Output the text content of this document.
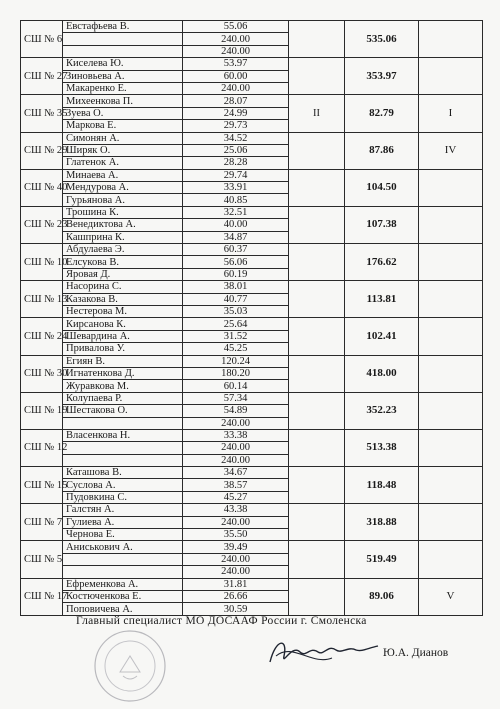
СШ № 6	Евстафьева В.	55.06		535.06	
		240.00			
		240.00			
СШ № 27	Киселева Ю.	53.97		353.97	
	Зиновьева А.	60.00			
	Макаренко Е.	240.00			
СШ № 35	Михеенкова П.	28.07	II	82.79	I
	Зуева О.	24.99			
	Маркова Е.	29.73			
СШ № 29	Симонян А.	34.52		87.86	IV
	Шиpяк О.	25.06			
	Глатенок А.	28.28			
СШ № 40	Минаева А.	29.74		104.50	
	Мендурова А.	33.91			
	Гурьянова А.	40.85			
СШ № 23	Трошина К.	32.51		107.38	
	Венедиктова А.	40.00			
	Кашприна К.	34.87			
СШ № 10	Абдулаева Э.	60.37		176.62	
	Елсукова В.	56.06			
	Яровая Д.	60.19			
СШ № 13	Насорина С.	38.01		113.81	
	Казакова В.	40.77			
	Нестерова М.	35.03			
СШ № 24	Кирсанова К.	25.64		102.41	
	Шевардина А.	31.52			
	Привалова У.	45.25			
СШ № 30	Егиян В.	120.24		418.00	
	Игнатенкова Д.	180.20			
	Журавкова М.	60.14			
СШ № 19	Колупаева Р.	57.34		352.23	
	Шестакова О.	54.89			
		240.00			
СШ № 12	Власенкова Н.	33.38		513.38	
		240.00			
		240.00			
СШ № 15	Каташова В.	34.67		118.48	
	Суслова А.	38.57			
	Пудовкина С.	45.27			
СШ № 7	Галстян А.	43.38		318.88	
	Гулиева А.	240.00			
	Чернова Е.	35.50			
СШ № 5	Аниськович А.	39.49		519.49	
		240.00			
		240.00			
СШ № 17	Ефременкова А.	31.81		89.06	V
	Костюченкова Е.	26.66			
	Поповичева А.	30.59			
Главный специалист МО ДОСААФ России г. Смоленска
Ю.А. Дианов
